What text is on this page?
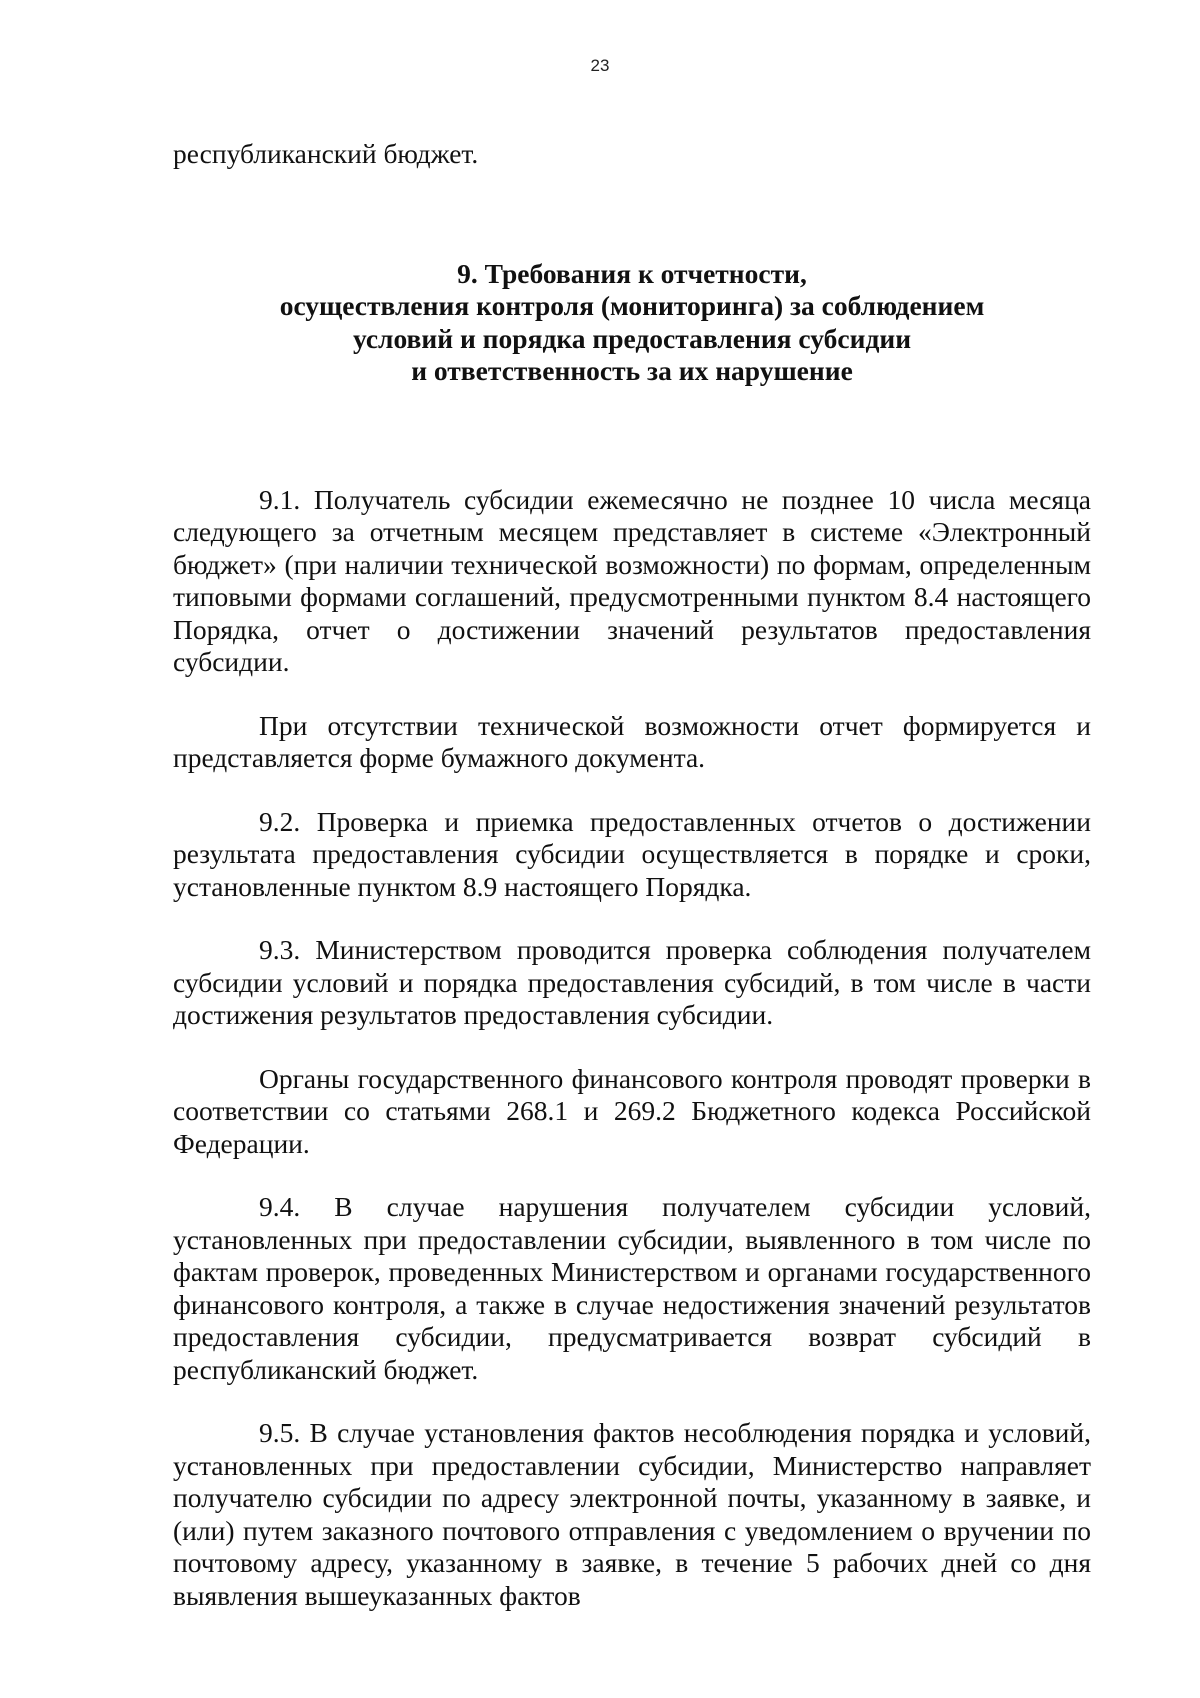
23

республиканский бюджет.

9. Требования к отчетности,
осуществления контроля (мониторинга) за соблюдением
условий и порядка предоставления субсидии
и ответственность за их нарушение

9.1. Получатель субсидии ежемесячно не позднее 10 числа месяца следующего за отчетным месяцем представляет в системе «Электронный бюджет» (при наличии технической возможности) по формам, определенным типовыми формами соглашений, предусмотренными пунктом 8.4 настоящего Порядка, отчет о достижении значений результатов предоставления субсидии.

При отсутствии технической возможности отчет формируется и представляется форме бумажного документа.

9.2. Проверка и приемка предоставленных отчетов о достижении результата предоставления субсидии осуществляется в порядке и сроки, установленные пунктом 8.9 настоящего Порядка.

9.3. Министерством проводится проверка соблюдения получателем субсидии условий и порядка предоставления субсидий, в том числе в части достижения результатов предоставления субсидии.

Органы государственного финансового контроля проводят проверки в соответствии со статьями 268.1 и 269.2 Бюджетного кодекса Российской Федерации.

9.4. В случае нарушения получателем субсидии условий, установленных при предоставлении субсидии, выявленного в том числе по фактам проверок, проведенных Министерством и органами государственного финансового контроля, а также в случае недостижения значений результатов предоставления субсидии, предусматривается возврат субсидий в республиканский бюджет.

9.5. В случае установления фактов несоблюдения порядка и условий, установленных при предоставлении субсидии, Министерство направляет получателю субсидии по адресу электронной почты, указанному в заявке, и (или) путем заказного почтового отправления с уведомлением о вручении по почтовому адресу, указанному в заявке, в течение 5 рабочих дней со дня выявления вышеуказанных фактов
